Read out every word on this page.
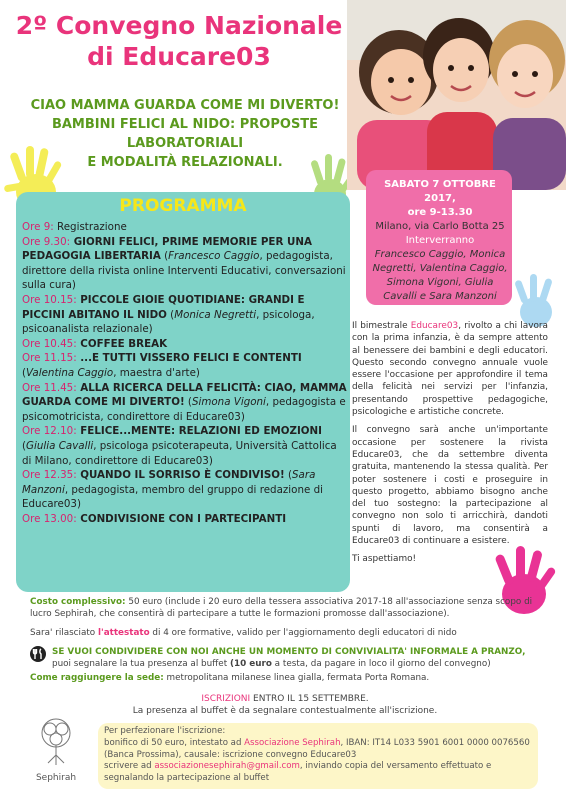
2º Convegno Nazionale
di Educare03
CIAO MAMMA GUARDA COME MI DIVERTO!
BAMBINI FELICI AL NIDO: PROPOSTE
LABORATORIALI
E MODALITÀ RELAZIONALI.
SABATO 7 OTTOBRE 2017,
ore 9-13.30
Milano, via Carlo Botta 25
Interverranno
Francesco Caggio, Monica Negretti, Valentina Caggio, Simona Vigoni, Giulia Cavalli e Sara Manzoni
PROGRAMMA

Ore 9: Registrazione

Ore 9.30: GIORNI FELICI, PRIME MEMORIE PER UNA PEDAGOGIA LIBERTARIA (Francesco Caggio, pedagogista, direttore della rivista online Interventi Educativi, conversazioni sulla cura)

Ore 10.15: PICCOLE GIOIE QUOTIDIANE: GRANDI E PICCINI ABITANO IL NIDO (Monica Negretti, psicologa, psicoanalista relazionale)

Ore 10.45: COFFEE BREAK

Ore 11.15: ...E TUTTI VISSERO FELICI E CONTENTI (Valentina Caggio, maestra d'arte)

Ore 11.45: ALLA RICERCA DELLA FELICITÀ: CIAO, MAMMA GUARDA COME MI DIVERTO! (Simona Vigoni, pedagogista e psicomotricista, condirettore di Educare03)

Ore 12.10: FELICE...MENTE: RELAZIONI ED EMOZIONI (Giulia Cavalli, psicologa psicoterapeuta, Università Cattolica di Milano, condirettore di Educare03)

Ore 12.35: QUANDO IL SORRISO È CONDIVISO! (Sara Manzoni, pedagogista, membro del gruppo di redazione di Educare03)

Ore 13.00: CONDIVISIONE CON I PARTECIPANTI

Il bimestrale Educare03, rivolto a chi lavora con la prima infanzia, è da sempre attento al benessere dei bambini e degli educatori. Questo secondo convegno annuale vuole essere l'occasione per approfondire il tema della felicità nei servizi per l'infanzia, presentando prospettive pedagogiche, psicologiche e artistiche concrete.

Il convegno sarà anche un'importante occasione per sostenere la rivista Educare03, che da settembre diventa gratuita, mantenendo la stessa qualità. Per poter sostenere i costi e proseguire in questo progetto, abbiamo bisogno anche del tuo sostegno: la partecipazione al convegno non solo ti arricchirà, dandoti spunti di lavoro, ma consentirà a Educare03 di continuare a esistere.

Ti aspettiamo!

Costo complessivo: 50 euro (include i 20 euro della tessera associativa 2017-18 all'associazione senza scopo di lucro Sephirah, che consentirà di partecipare a tutte le formazioni promosse dall'associazione).

Sara' rilasciato l'attestato di 4 ore formative, valido per l'aggiornamento degli educatori di nido

SE VUOI CONDIVIDERE CON NOI ANCHE UN MOMENTO DI CONVIVIALITA' INFORMALE A PRANZO, puoi segnalare la tua presenza al buffet (10 euro a testa, da pagare in loco il giorno del convegno)

Come raggiungere la sede: metropolitana milanese linea gialla, fermata Porta Romana.

ISCRIZIONI ENTRO IL 15 SETTEMBRE.
La presenza al buffet è da segnalare contestualmente all'iscrizione.
Per perfezionare l'iscrizione:
bonifico di 50 euro, intestato ad Associazione Sephirah, IBAN: IT14 L033 5901 6001 0000 0076560 (Banca Prossima), causale: iscrizione convegno Educare03
scrivere ad associazionesephirah@gmail.com, inviando copia del versamento effettuato e segnalando la partecipazione al buffet
Sephirah
